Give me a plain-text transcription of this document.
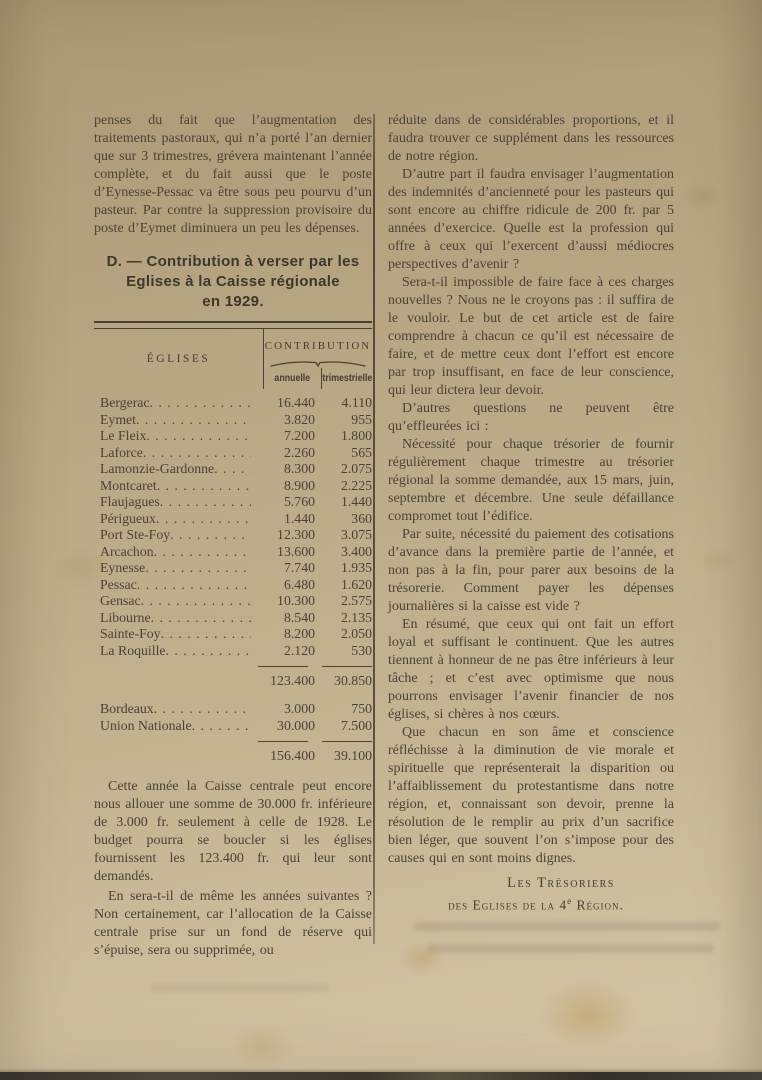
penses du fait que l’augmentation des traitements pastoraux, qui n’a porté l’an dernier que sur 3 trimestres, grévera maintenant l’année complète, et du fait aussi que le poste d’Eynesse-Pessac va être sous peu pourvu d’un pasteur. Par contre la suppression provisoire du poste d’Eymet diminuera un peu les dépenses.

D. — Contribution à verser par les
Eglises à la Caisse régionale
en 1929.
ÉGLISES
CONTRIBUTION
annuelle trimestrielle
Bergerac . . .	16.440	4.110
Eymet . . .	3.820	955
Le Fleix . . .	7.200	1.800
Laforce . . .	2.260	565
Lamonzie-Gardonne . . .	8.300	2.075
Montcaret . . .	8.900	2.225
Flaujagues . . .	5.760	1.440
Périgueux . . .	1.440	360
Port Ste-Foy . . .	12.300	3.075
Arcachon . . .	13.600	3.400
Eynesse . . .	7.740	1.935
Pessac . . .	6.480	1.620
Gensac . . .	10.300	2.575
Libourne . . .	8.540	2.135
Sainte-Foy . . .	8.200	2.050
La Roquille . . .	2.120	530
123.400	30.850
Bordeaux . . .	3.000	750
Union Nationale . . .	30.000	7.500
156.400	39.100

Cette année la Caisse centrale peut encore nous allouer une somme de 30.000 fr. inférieure de 3.000 fr. seulement à celle de 1928. Le budget pourra se boucler si les églises fournissent les 123.400 fr. qui leur sont demandés.

En sera-t-il de même les années suivantes ? Non certainement, car l’allocation de la Caisse centrale prise sur un fond de réserve qui s’épuise, sera ou supprimée, ou

réduite dans de considérables proportions, et il faudra trouver ce supplément dans les ressources de notre région.

D’autre part il faudra envisager l’augmentation des indemnités d’ancienneté pour les pasteurs qui sont encore au chiffre ridicule de 200 fr. par 5 années d’exercice. Quelle est la profession qui offre à ceux qui l’exercent d’aussi médiocres perspectives d’avenir ?

Sera-t-il impossible de faire face à ces charges nouvelles ? Nous ne le croyons pas : il suffira de le vouloir. Le but de cet article est de faire comprendre à chacun ce qu’il est nécessaire de faire, et de mettre ceux dont l’effort est encore par trop insuffisant, en face de leur conscience, qui leur dictera leur devoir.

D’autres questions ne peuvent être qu’effleurées ici :

Nécessité pour chaque trésorier de fournir régulièrement chaque trimestre au trésorier régional la somme demandée, aux 15 mars, juin, septembre et décembre. Une seule défaillance compromet tout l’édifice.

Par suite, nécessité du paiement des cotisations d’avance dans la première partie de l’année, et non pas à la fin, pour parer aux besoins de la trésorerie. Comment payer les dépenses journalières si la caisse est vide ?

En résumé, que ceux qui ont fait un effort loyal et suffisant le continuent. Que les autres tiennent à honneur de ne pas être inférieurs à leur tâche ; et c’est avec optimisme que nous pourrons envisager l’avenir financier de nos églises, si chères à nos cœurs.

Que chacun en son âme et conscience réfléchisse à la diminution de vie morale et spirituelle que représenterait la disparition ou l’affaiblissement du protestantisme dans notre région, et, connaissant son devoir, prenne la résolution de le remplir au prix d’un sacrifice bien léger, que souvent l’on s’impose pour des causes qui en sont moins dignes.

Les Trésoriers
des Eglises de la 4e Région.
